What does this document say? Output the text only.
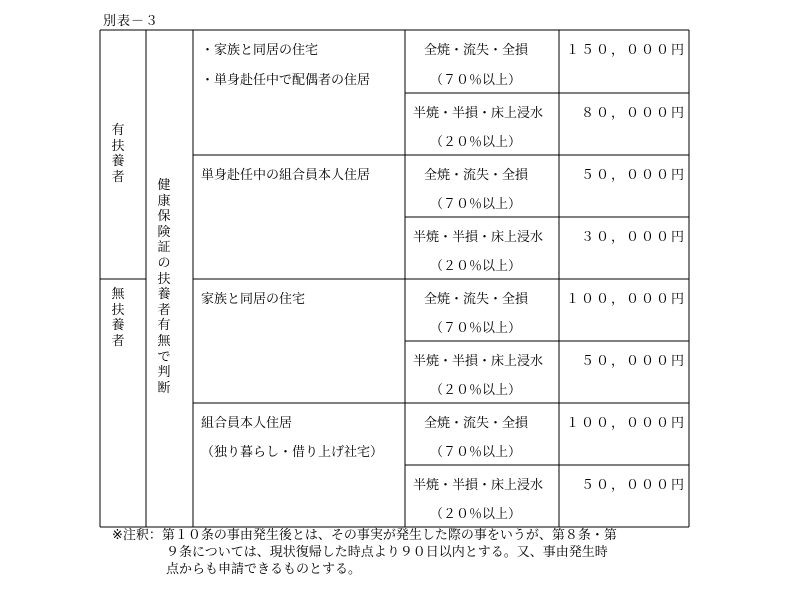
別表－３
有扶養者
無扶養者
健康保険証の扶養者有無で判断
・家族と同居の住宅
・単身赴任中で配偶者の住居
全焼・流失・全損
（７０％以上）
１５０，０００円
半焼・半損・床上浸水
（２０％以上）
８０，０００円
単身赴任中の組合員本人住居	全焼・流失・全損
（７０％以上）
５０，０００円
半焼・半損・床上浸水
（２０％以上）
３０，０００円
家族と同居の住宅	全焼・流失・全損
（７０％以上）
１００，０００円
半焼・半損・床上浸水
（２０％以上）
５０，０００円
組合員本人住居
（独り暮らし・借り上げ社宅）
全焼・流失・全損
（７０％以上）
１００，０００円
半焼・半損・床上浸水
（２０％以上）
５０，０００円
※注釈：第１０条の事由発生後とは、その事実が発生した際の事をいうが、第８条・第
９条については、現状復帰した時点より９０日以内とする。又、事由発生時
点からも申請できるものとする。
